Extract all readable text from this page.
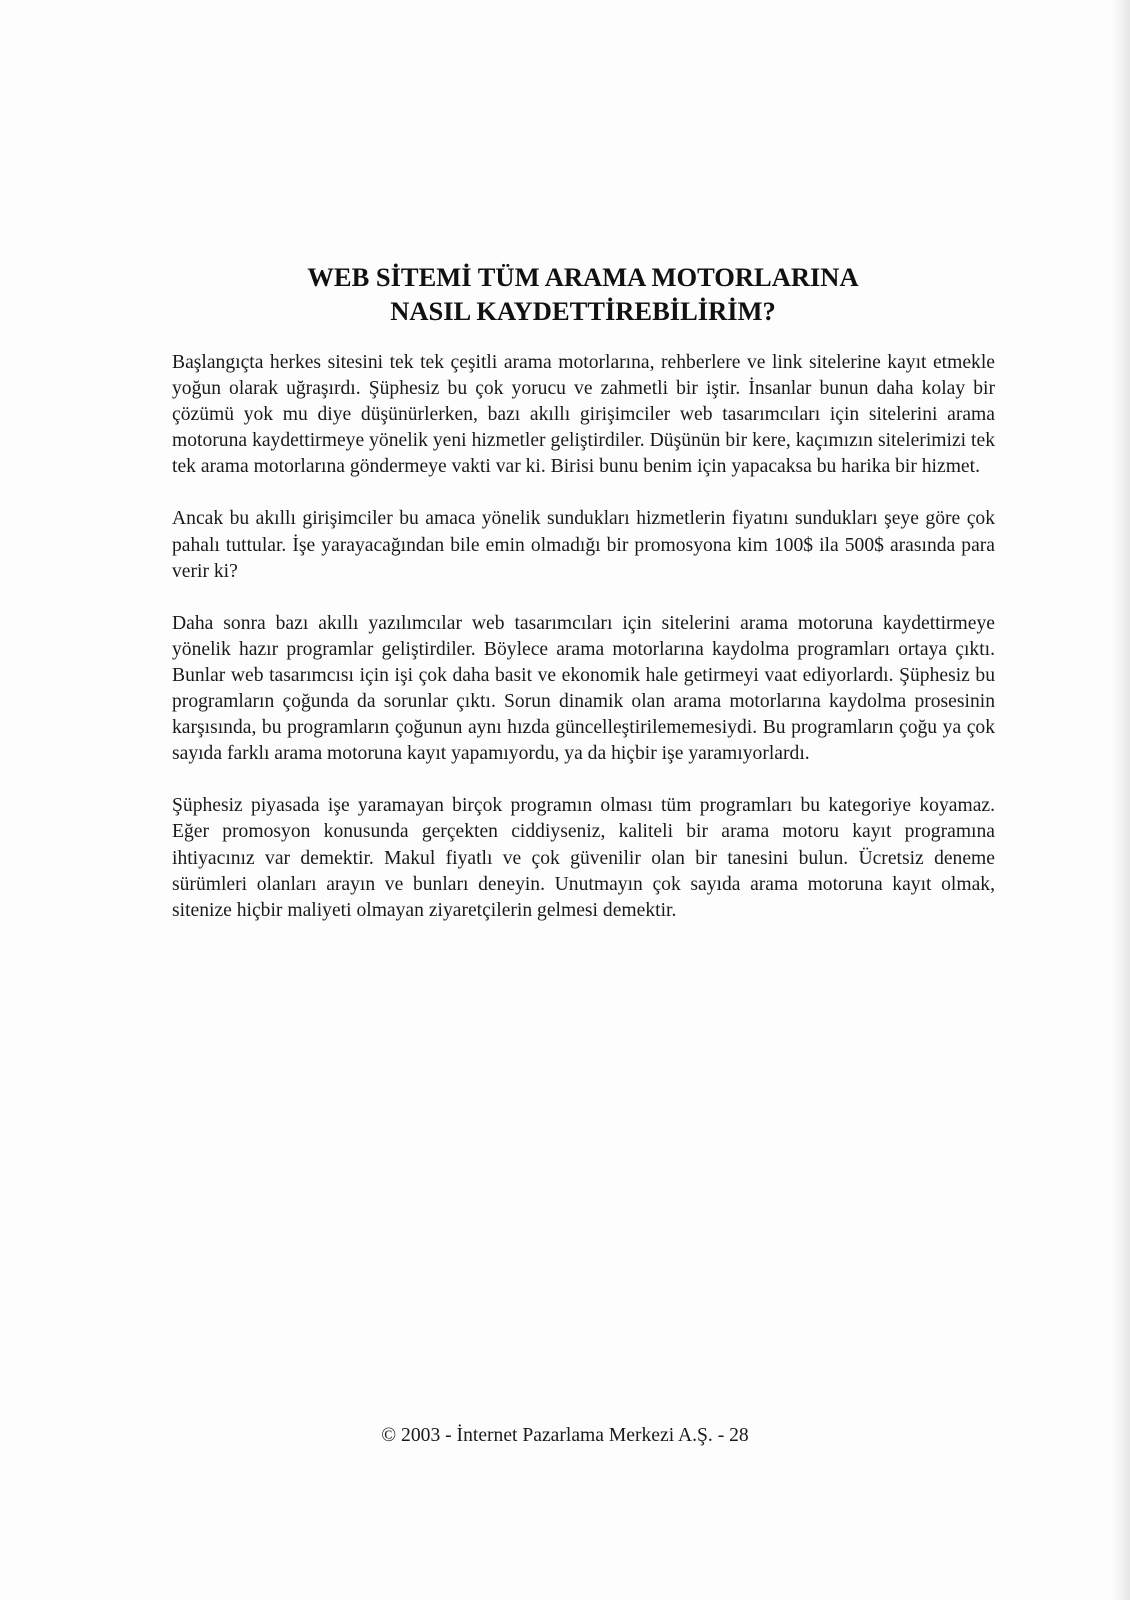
WEB SİTEMİ TÜM ARAMA MOTORLARINA
NASIL KAYDETTİREBİLİRİM?

Başlangıçta herkes sitesini tek tek çeşitli arama motorlarına, rehberlere ve link sitelerine kayıt etmekle yoğun olarak uğraşırdı. Şüphesiz bu çok yorucu ve zahmetli bir iştir. İnsanlar bunun daha kolay bir çözümü yok mu diye düşünürlerken, bazı akıllı girişimciler web tasarımcıları için sitelerini arama motoruna kaydettirmeye yönelik yeni hizmetler geliştirdiler. Düşünün bir kere, kaçımızın sitelerimizi tek tek arama motorlarına göndermeye vakti var ki. Birisi bunu benim için yapacaksa bu harika bir hizmet.

Ancak bu akıllı girişimciler bu amaca yönelik sundukları hizmetlerin fiyatını sundukları şeye göre çok pahalı tuttular. İşe yarayacağından bile emin olmadığı bir promosyona kim 100$ ila 500$ arasında para verir ki?

Daha sonra bazı akıllı yazılımcılar web tasarımcıları için sitelerini arama motoruna kaydettirmeye yönelik hazır programlar geliştirdiler. Böylece arama motorlarına kaydolma programları ortaya çıktı. Bunlar web tasarımcısı için işi çok daha basit ve ekonomik hale getirmeyi vaat ediyorlardı. Şüphesiz bu programların çoğunda da sorunlar çıktı. Sorun dinamik olan arama motorlarına kaydolma prosesinin karşısında, bu programların çoğunun aynı hızda güncelleştirilememesiydi. Bu programların çoğu ya çok sayıda farklı arama motoruna kayıt yapamıyordu, ya da hiçbir işe yaramıyorlardı.

Şüphesiz piyasada işe yaramayan birçok programın olması tüm programları bu kategoriye koyamaz. Eğer promosyon konusunda gerçekten ciddiyseniz, kaliteli bir arama motoru kayıt programına ihtiyacınız var demektir. Makul fiyatlı ve çok güvenilir olan bir tanesini bulun. Ücretsiz deneme sürümleri olanları arayın ve bunları deneyin. Unutmayın çok sayıda arama motoruna kayıt olmak, sitenize hiçbir maliyeti olmayan ziyaretçilerin gelmesi demektir.

© 2003 - İnternet Pazarlama Merkezi A.Ş. - 28
